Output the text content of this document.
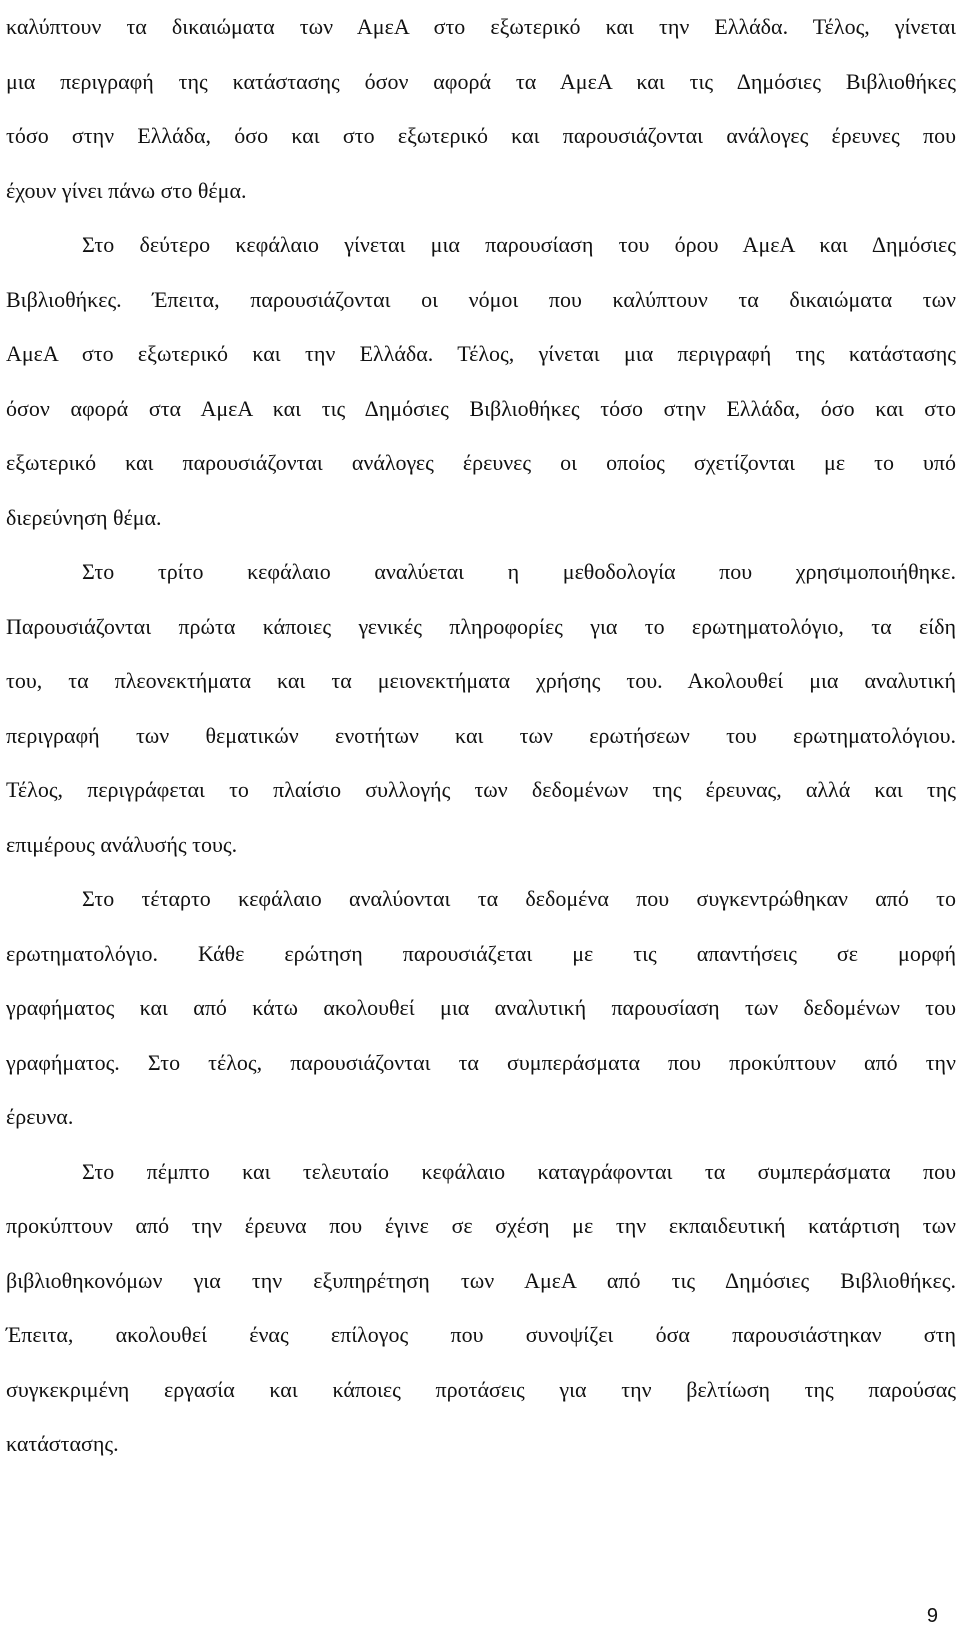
καλύπτουν τα δικαιώματα των ΑμεΑ στο εξωτερικό και την Ελλάδα. Τέλος, γίνεται
μια περιγραφή της κατάστασης όσον αφορά τα ΑμεΑ και τις Δημόσιες Βιβλιοθήκες
τόσο στην Ελλάδα, όσο και στο εξωτερικό και παρουσιάζονται ανάλογες έρευνες που
έχουν γίνει πάνω στο θέμα.
Στο δεύτερο κεφάλαιο γίνεται μια παρουσίαση του όρου ΑμεΑ και Δημόσιες
Βιβλιοθήκες. Έπειτα, παρουσιάζονται οι νόμοι που καλύπτουν τα δικαιώματα των
ΑμεΑ στο εξωτερικό και την Ελλάδα. Τέλος, γίνεται μια περιγραφή της κατάστασης
όσον αφορά στα ΑμεΑ και τις Δημόσιες Βιβλιοθήκες τόσο στην Ελλάδα, όσο και στο
εξωτερικό και παρουσιάζονται ανάλογες έρευνες οι οποίος σχετίζονται με το υπό
διερεύνηση θέμα.
Στο τρίτο κεφάλαιο αναλύεται η μεθοδολογία που χρησιμοποιήθηκε.
Παρουσιάζονται πρώτα κάποιες γενικές πληροφορίες για το ερωτηματολόγιο, τα είδη
του, τα πλεονεκτήματα και τα μειονεκτήματα χρήσης του. Ακολουθεί μια αναλυτική
περιγραφή των θεματικών ενοτήτων και των ερωτήσεων του ερωτηματολόγιου.
Τέλος, περιγράφεται το πλαίσιο συλλογής των δεδομένων της έρευνας, αλλά και της
επιμέρους ανάλυσής τους.
Στο τέταρτο κεφάλαιο αναλύονται τα δεδομένα που συγκεντρώθηκαν από το
ερωτηματολόγιο. Κάθε ερώτηση παρουσιάζεται με τις απαντήσεις σε μορφή
γραφήματος και από κάτω ακολουθεί μια αναλυτική παρουσίαση των δεδομένων του
γραφήματος. Στο τέλος, παρουσιάζονται τα συμπεράσματα που προκύπτουν από την
έρευνα.
Στο πέμπτο και τελευταίο κεφάλαιο καταγράφονται τα συμπεράσματα που
προκύπτουν από την έρευνα που έγινε σε σχέση με την εκπαιδευτική κατάρτιση των
βιβλιοθηκονόμων για την εξυπηρέτηση των ΑμεΑ από τις Δημόσιες Βιβλιοθήκες.
Έπειτα, ακολουθεί ένας επίλογος που συνοψίζει όσα παρουσιάστηκαν στη
συγκεκριμένη εργασία και κάποιες προτάσεις για την βελτίωση της παρούσας
κατάστασης.
9
